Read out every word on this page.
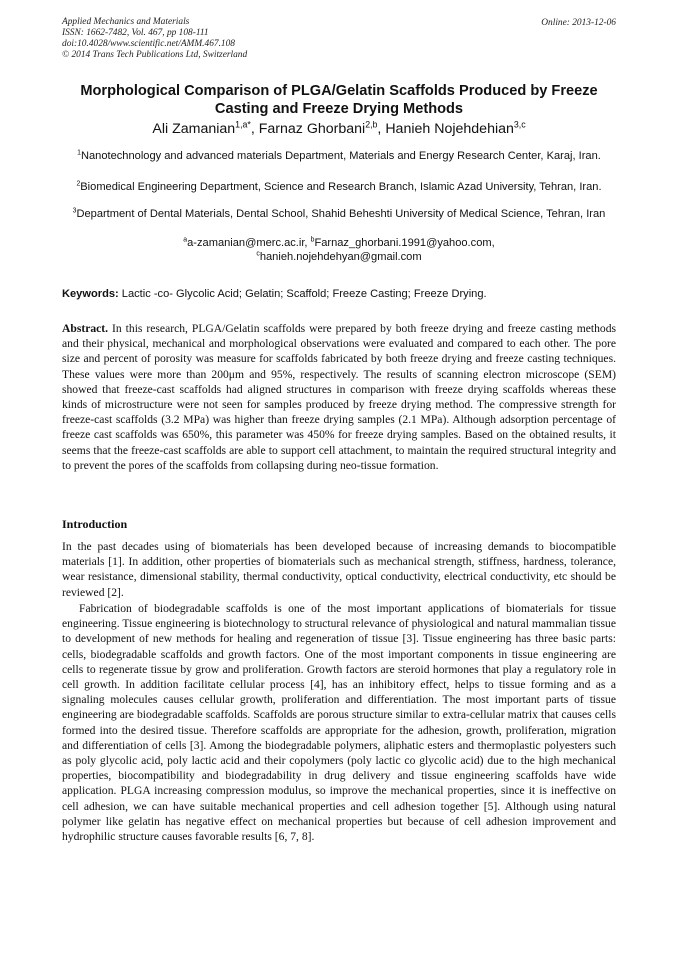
Applied Mechanics and Materials
ISSN: 1662-7482, Vol. 467, pp 108-111
doi:10.4028/www.scientific.net/AMM.467.108
© 2014 Trans Tech Publications Ltd, Switzerland
Online: 2013-12-06
Morphological Comparison of PLGA/Gelatin Scaffolds Produced by Freeze Casting and Freeze Drying Methods
Ali Zamanian$^{1,a*}$, Farnaz Ghorbani$^{2,b}$, Hanieh Nojehdehian$^{3,c}$
$^1$Nanotechnology and advanced materials Department, Materials and Energy Research Center, Karaj, Iran.
$^2$Biomedical Engineering Department, Science and Research Branch, Islamic Azad University, Tehran, Iran.
$^3$Department of Dental Materials, Dental School, Shahid Beheshti University of Medical Science, Tehran, Iran
$^a$a-zamanian@merc.ac.ir, $^b$Farnaz_ghorbani.1991@yahoo.com,
$^c$hanieh.nojehdehyan@gmail.com
Keywords: Lactic -co- Glycolic Acid; Gelatin; Scaffold; Freeze Casting; Freeze Drying.
Abstract. In this research, PLGA/Gelatin scaffolds were prepared by both freeze drying and freeze casting methods and their physical, mechanical and morphological observations were evaluated and compared to each other. The pore size and percent of porosity was measure for scaffolds fabricated by both freeze drying and freeze casting techniques. These values were more than 200μm and 95%, respectively. The results of scanning electron microscope (SEM) showed that freeze-cast scaffolds had aligned structures in comparison with freeze drying scaffolds whereas these kinds of microstructure were not seen for samples produced by freeze drying method. The compressive strength for freeze-cast scaffolds (3.2 MPa) was higher than freeze drying samples (2.1 MPa). Although adsorption percentage of freeze cast scaffolds was 650%, this parameter was 450% for freeze drying samples. Based on the obtained results, it seems that the freeze-cast scaffolds are able to support cell attachment, to maintain the required structural integrity and to prevent the pores of the scaffolds from collapsing during neo-tissue formation.
Introduction
In the past decades using of biomaterials has been developed because of increasing demands to biocompatible materials [1]. In addition, other properties of biomaterials such as mechanical strength, stiffness, hardness, tolerance, wear resistance, dimensional stability, thermal conductivity, optical conductivity, electrical conductivity, etc should be reviewed [2].
Fabrication of biodegradable scaffolds is one of the most important applications of biomaterials for tissue engineering. Tissue engineering is biotechnology to structural relevance of physiological and natural mammalian tissue to development of new methods for healing and regeneration of tissue [3]. Tissue engineering has three basic parts: cells, biodegradable scaffolds and growth factors. One of the most important components in tissue engineering are cells to regenerate tissue by grow and proliferation. Growth factors are steroid hormones that play a regulatory role in cell growth. In addition facilitate cellular process [4], has an inhibitory effect, helps to tissue forming and as a signaling molecules causes cellular growth, proliferation and differentiation. The most important parts of tissue engineering are biodegradable scaffolds. Scaffolds are porous structure similar to extra-cellular matrix that causes cells formed into the desired tissue. Therefore scaffolds are appropriate for the adhesion, growth, proliferation, migration and differentiation of cells [3]. Among the biodegradable polymers, aliphatic esters and thermoplastic polyesters such as poly glycolic acid, poly lactic acid and their copolymers (poly lactic co glycolic acid) due to the high mechanical properties, biocompatibility and biodegradability in drug delivery and tissue engineering scaffolds have wide application. PLGA increasing compression modulus, so improve the mechanical properties, since it is ineffective on cell adhesion, we can have suitable mechanical properties and cell adhesion together [5]. Although using natural polymer like gelatin has negative effect on mechanical properties but because of cell adhesion improvement and hydrophilic structure causes favorable results [6, 7, 8].
